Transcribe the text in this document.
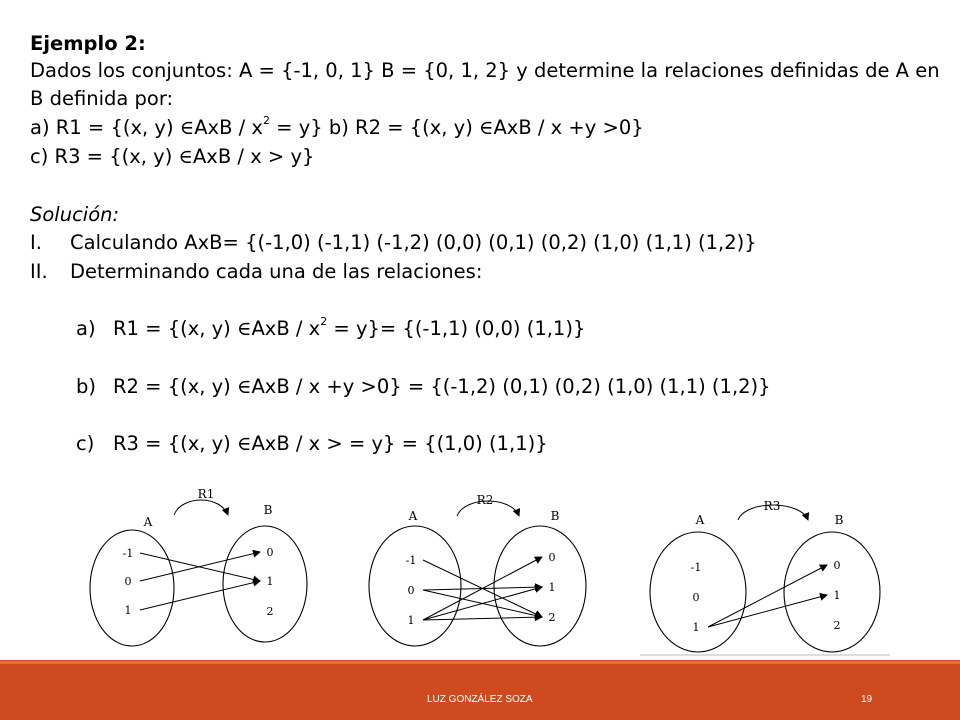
Ejemplo 2:
Dados los conjuntos: A = {-1, 0, 1} B = {0, 1, 2} y determine la relaciones definidas de A en
B definida por:
a) R1 = {(x, y) ∈AxB / $x^2 = y$} b) R2 = {(x, y) ∈AxB / x +y >0}
c) R3 = {(x, y) ∈AxB / x > y}
Solución:
I. Calculando AxB= {(-1,0) (-1,1) (-1,2) (0,0) (0,1) (0,2) (1,0) (1,1) (1,2)}
II. Determinando cada una de las relaciones:
a) R1 = {(x, y) ∈AxB / $x^2 = y\}= \{(-1,1)$ (0,0) (1,1)}
b) R2 = {(x, y) ∈AxB / x +y >0} = {(-1,2) (0,1) (0,2) (1,0) (1,1) (1,2)}
c) R3 = {(x, y) ∈AxB / x > = y} = {(1,0) (1,1)}
R1
A
B
-1
0
1
0
1
2
R2
A	B
-1
0
1
0
1
2
R3
A	B
-1
0
1
0
1
2
LUZ GONZÁLEZ SOZA	19
